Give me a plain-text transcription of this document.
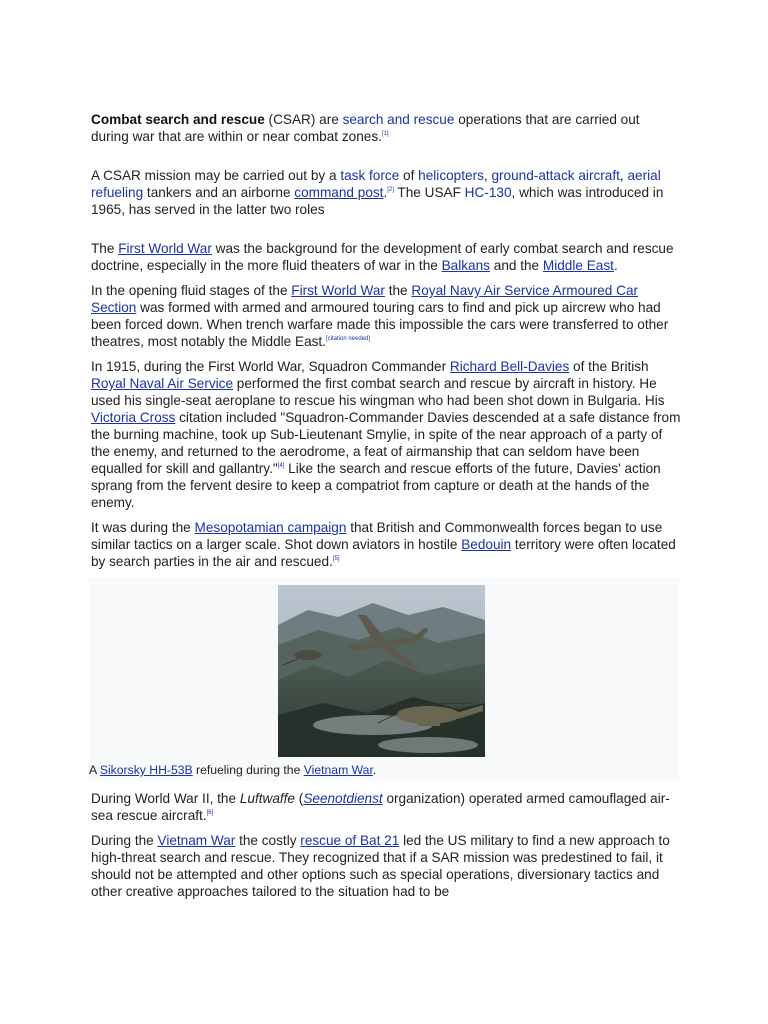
Combat search and rescue (CSAR) are search and rescue operations that are carried out during war that are within or near combat zones.[1]

A CSAR mission may be carried out by a task force of helicopters, ground-attack aircraft, aerial refueling tankers and an airborne command post.[2] The USAF HC-130, which was introduced in 1965, has served in the latter two roles

The First World War was the background for the development of early combat search and rescue doctrine, especially in the more fluid theaters of war in the Balkans and the Middle East.

In the opening fluid stages of the First World War the Royal Navy Air Service Armoured Car Section was formed with armed and armoured touring cars to find and pick up aircrew who had been forced down. When trench warfare made this impossible the cars were transferred to other theatres, most notably the Middle East.[citation needed]

In 1915, during the First World War, Squadron Commander Richard Bell-Davies of the British Royal Naval Air Service performed the first combat search and rescue by aircraft in history. He used his single-seat aeroplane to rescue his wingman who had been shot down in Bulgaria. His Victoria Cross citation included "Squadron-Commander Davies descended at a safe distance from the burning machine, took up Sub-Lieutenant Smylie, in spite of the near approach of a party of the enemy, and returned to the aerodrome, a feat of airmanship that can seldom have been equalled for skill and gallantry."[4] Like the search and rescue efforts of the future, Davies' action sprang from the fervent desire to keep a compatriot from capture or death at the hands of the enemy.

It was during the Mesopotamian campaign that British and Commonwealth forces began to use similar tactics on a larger scale. Shot down aviators in hostile Bedouin territory were often located by search parties in the air and rescued.[5]

A Sikorsky HH-53B refueling during the Vietnam War.

During World War II, the Luftwaffe (Seenotdienst organization) operated armed camouflaged air-sea rescue aircraft.[6]

During the Vietnam War the costly rescue of Bat 21 led the US military to find a new approach to high-threat search and rescue. They recognized that if a SAR mission was predestined to fail, it should not be attempted and other options such as special operations, diversionary tactics and other creative approaches tailored to the situation had to be
